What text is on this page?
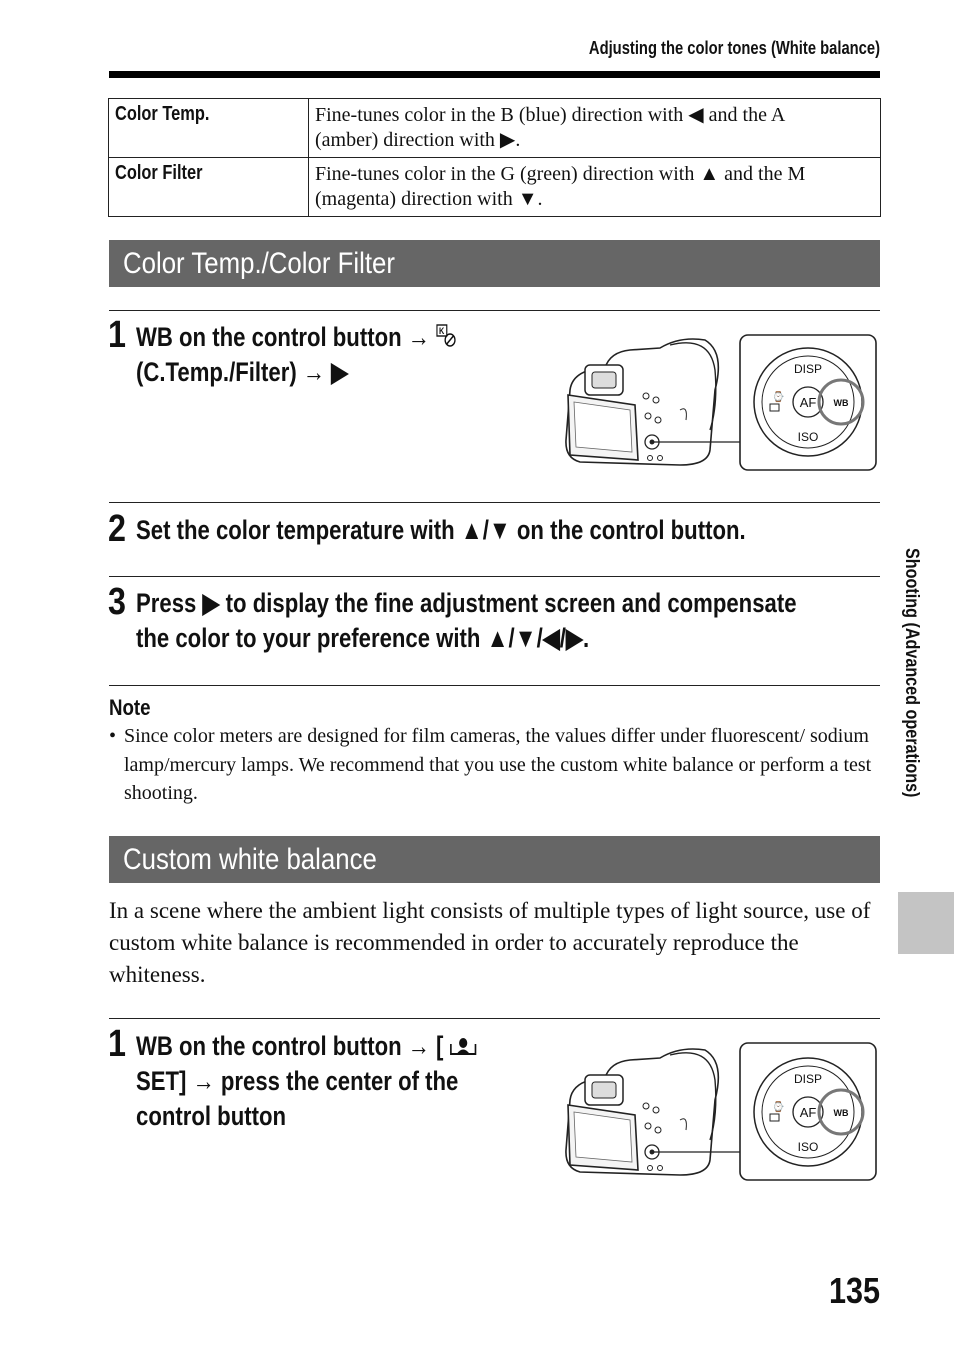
Adjusting the color tones (White balance)
Color Temp.	Fine-tunes color in the B (blue) direction with ◀ and the A
(amber) direction with ▶.
Color Filter	Fine-tunes color in the G (green) direction with ▲ and the M
(magenta) direction with ▼.
Color Temp./Color Filter
1 WB on the control button → K
(C.Temp./Filter) → ▶
AF
DISP
ISO
WB
⌚
2 Set the color temperature with ▲/▼ on the control button.
3 Press ▶ to display the fine adjustment screen and compensate
the color to your preference with ▲/▼/◀/▶.
Note
• Since color meters are designed for film cameras, the values differ under fluorescent/ sodium lamp/mercury lamps. We recommend that you use the custom white balance or perform a test shooting.
Custom white balance
In a scene where the ambient light consists of multiple types of light source, use of custom white balance is recommended in order to accurately reproduce the whiteness.
1 WB on the control button → [
SET] → press the center of the
control button	AF
DISP
ISO
WB
⌚
Shooting (Advanced operations)
135
